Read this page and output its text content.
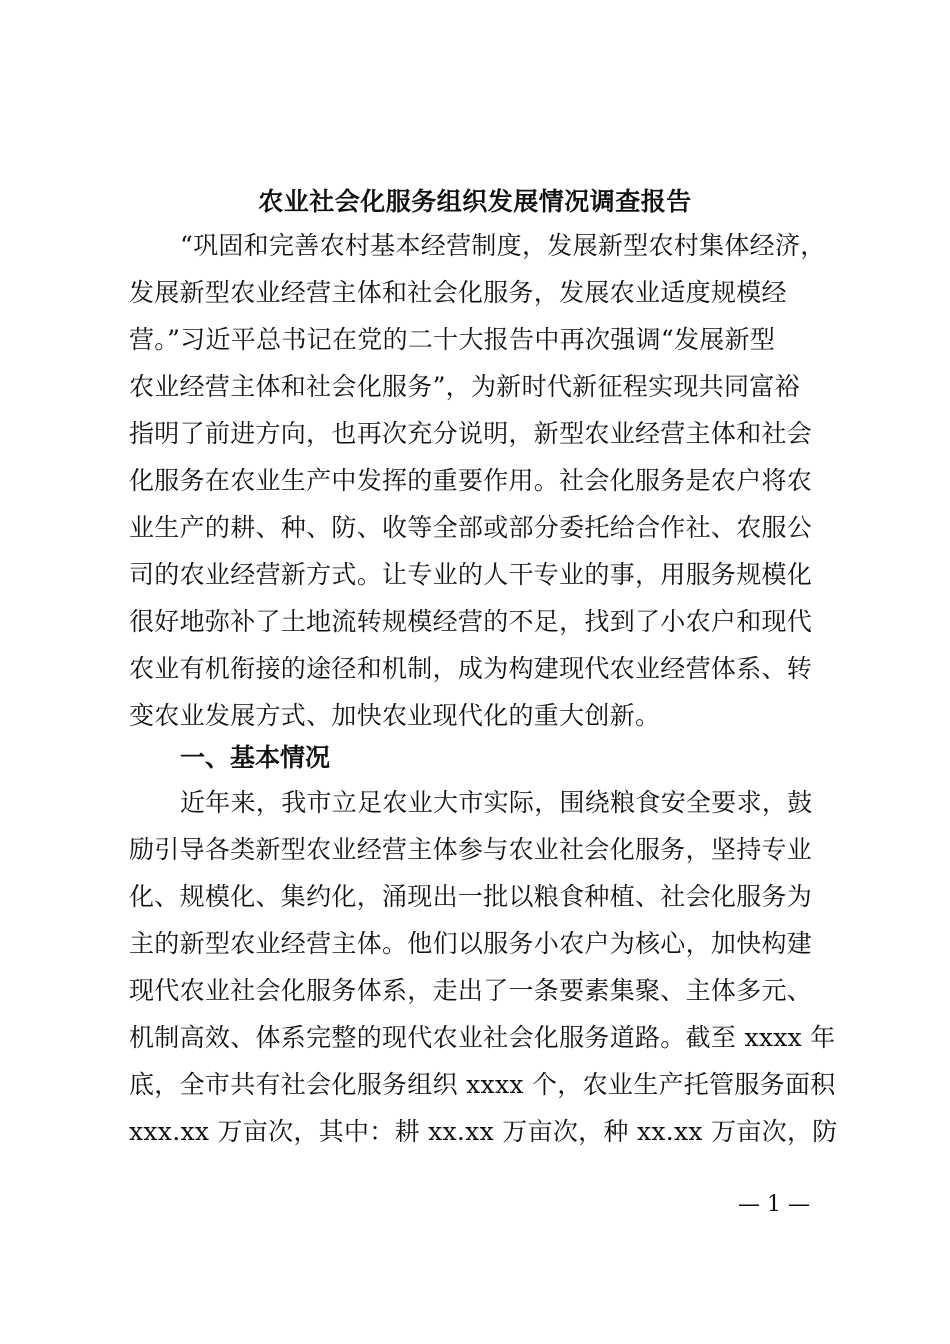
农业社会化服务组织发展情况调查报告
“巩固和完善农村基本经营制度，发展新型农村集体经济，
发展新型农业经营主体和社会化服务，发展农业适度规模经
营。”习近平总书记在党的二十大报告中再次强调“发展新型
农业经营主体和社会化服务”，为新时代新征程实现共同富裕
指明了前进方向，也再次充分说明，新型农业经营主体和社会
化服务在农业生产中发挥的重要作用。社会化服务是农户将农
业生产的耕、种、防、收等全部或部分委托给合作社、农服公
司的农业经营新方式。让专业的人干专业的事，用服务规模化
很好地弥补了土地流转规模经营的不足，找到了小农户和现代
农业有机衔接的途径和机制，成为构建现代农业经营体系、转
变农业发展方式、加快农业现代化的重大创新。
一、基本情况
近年来，我市立足农业大市实际，围绕粮食安全要求，鼓
励引导各类新型农业经营主体参与农业社会化服务，坚持专业
化、规模化、集约化，涌现出一批以粮食种植、社会化服务为
主的新型农业经营主体。他们以服务小农户为核心，加快构建
现代农业社会化服务体系，走出了一条要素集聚、主体多元、
机制高效、体系完整的现代农业社会化服务道路。截至 xxxx 年
底，全市共有社会化服务组织 xxxx 个，农业生产托管服务面积
xxx.xx 万亩次，其中：耕 xx.xx 万亩次，种 xx.xx 万亩次，防
— 1 —
